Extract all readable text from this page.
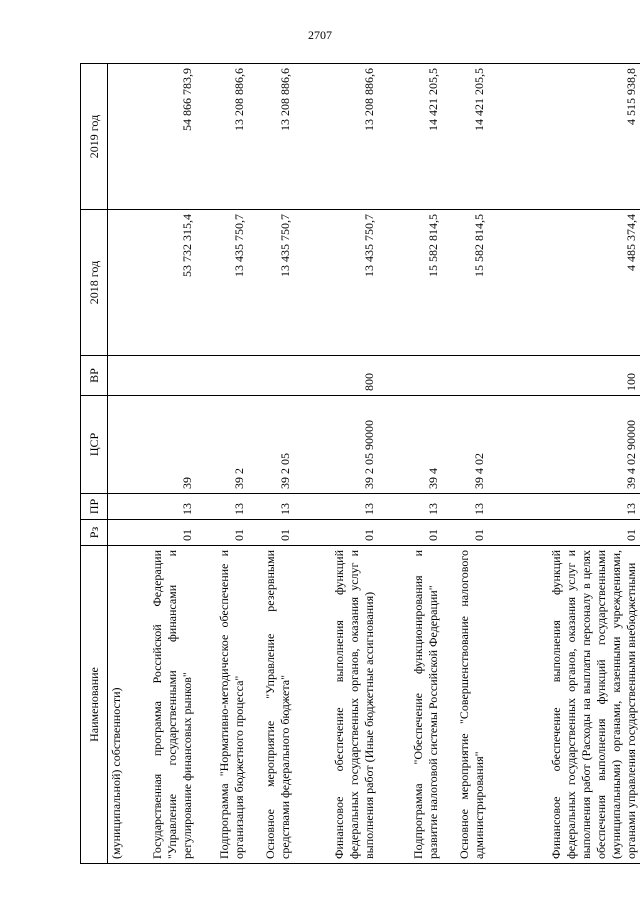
2707
Наименование	Рз	ПР	ЦСР	ВР	2018 год	2019 год
(муниципальной) собственности)						
Государственная программа Российской Федерации "Управление государственными финансами и регулирование финансовых рынков"	01	13	39		53 732 315,4	54 866 783,9
Подпрограмма "Нормативно-методическое обеспечение и организация бюджетного процесса"	01	13	39 2		13 435 750,7	13 208 886,6
Основное мероприятие "Управление резервными средствами федерального бюджета"	01	13	39 2 05		13 435 750,7	13 208 886,6
Финансовое обеспечение выполнения функций федеральных государственных органов, оказания услуг и выполнения работ (Иные бюджетные ассигнования)	01	13	39 2 05 90000	800	13 435 750,7	13 208 886,6
Подпрограмма "Обеспечение функционирования и развитие налоговой системы Российской Федерации"	01	13	39 4		15 582 814,5	14 421 205,5
Основное мероприятие "Совершенствование налогового администрирования"	01	13	39 4 02		15 582 814,5	14 421 205,5
Финансовое обеспечение выполнения функций федеральных государственных органов, оказания услуг и выполнения работ (Расходы на выплаты персоналу в целях обеспечения выполнения функций государственными (муниципальными) органами, казенными учреждениями, органами управления государственными внебюджетными	01	13	39 4 02 90000	100	4 485 374,4	4 515 938,8
